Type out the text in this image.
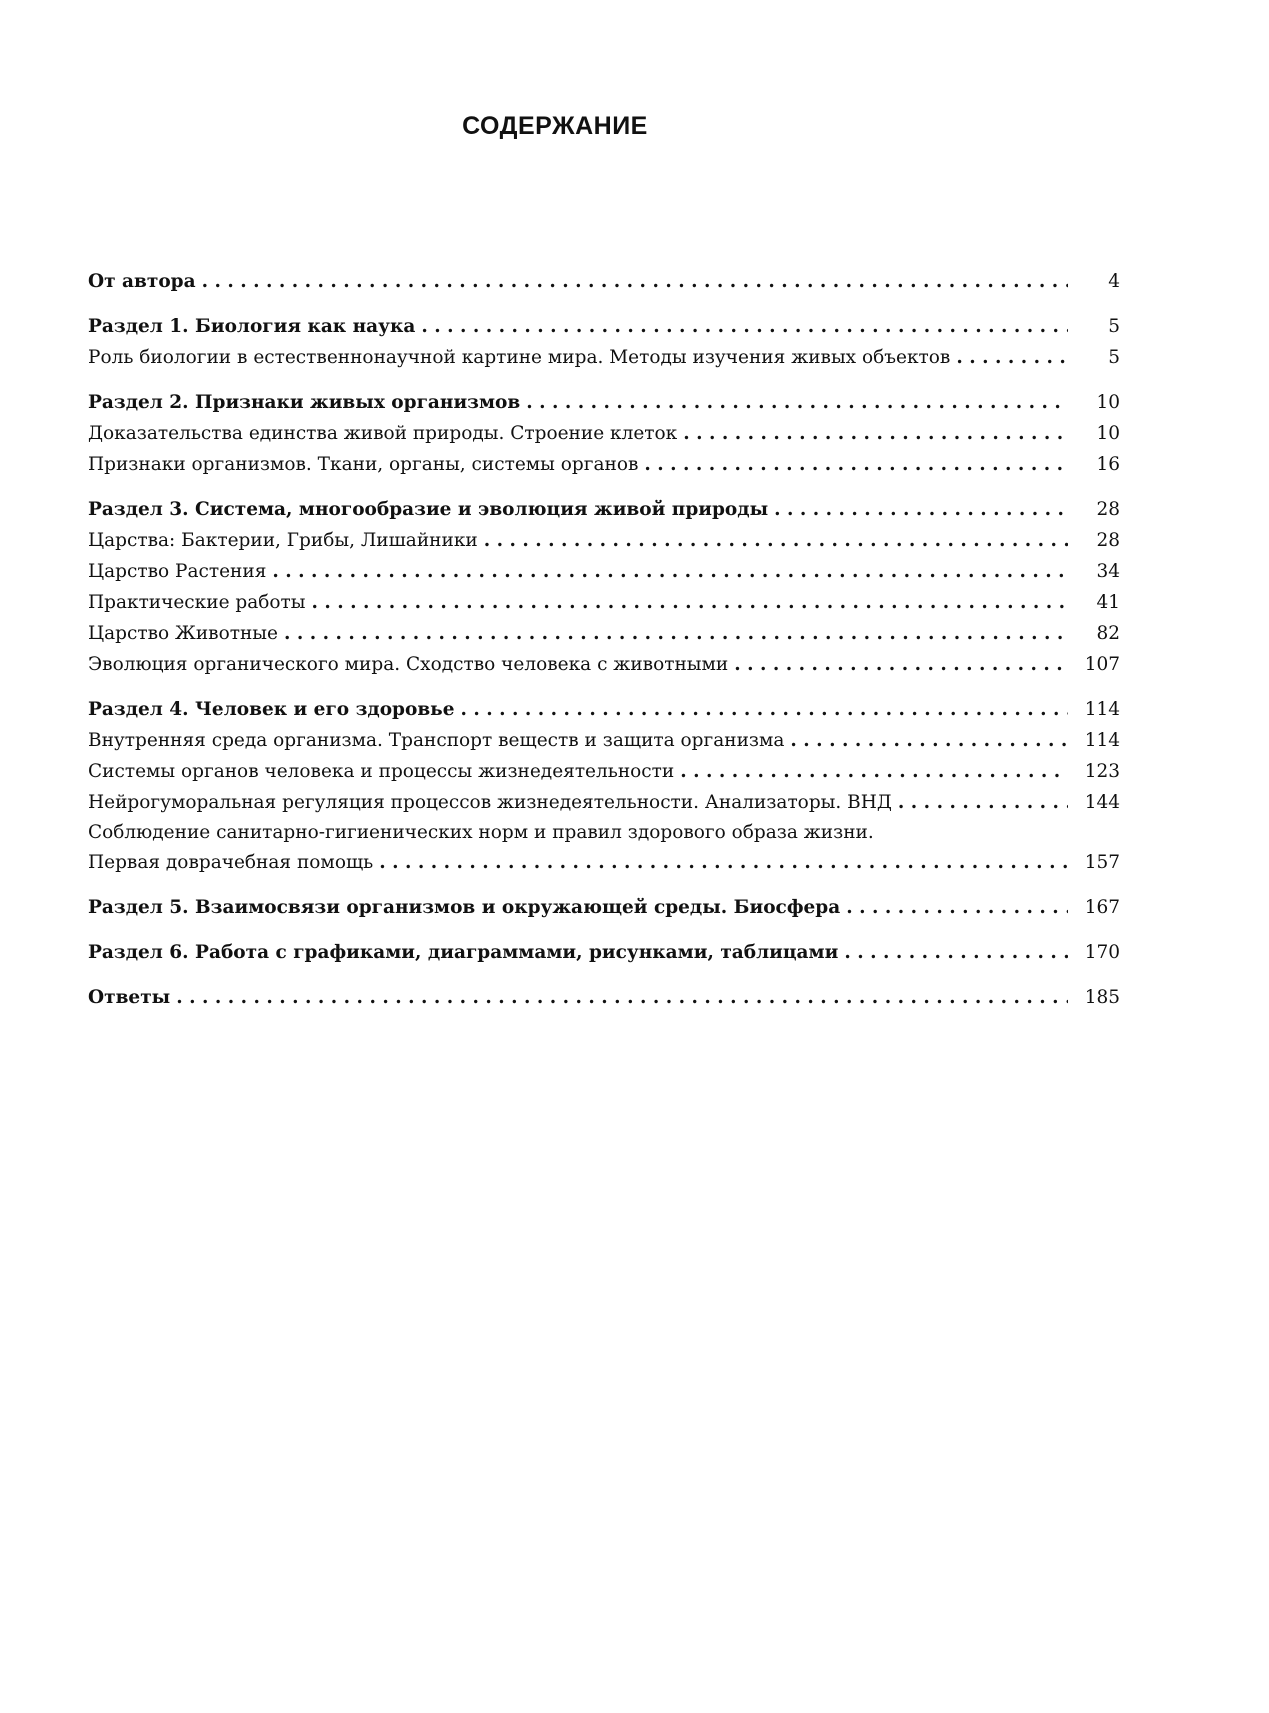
СОДЕРЖАНИЕ
От автора . . .	4
Раздел 1. Биология как наука . . .	5
Роль биологии в естественнонаучной картине мира. Методы изучения живых объектов . . .	5
Раздел 2. Признаки живых организмов . . .	10
Доказательства единства живой природы. Строение клеток . . .	10
Признаки организмов. Ткани, органы, системы органов . . .	16
Раздел 3. Система, многообразие и эволюция живой природы . . .	28
Царства: Бактерии, Грибы, Лишайники . . .	28
Царство Растения . . .	34
Практические работы . . .	41
Царство Животные . . .	82
Эволюция органического мира. Сходство человека с животными . . .	107
Раздел 4. Человек и его здоровье . . .	114
Внутренняя среда организма. Транспорт веществ и защита организма . . .	114
Системы органов человека и процессы жизнедеятельности . . .	123
Нейрогуморальная регуляция процессов жизнедеятельности. Анализаторы. ВНД . . .	144
Соблюдение санитарно-гигиенических норм и правил здорового образа жизни.
Первая доврачебная помощь . . .	157
Раздел 5. Взаимосвязи организмов и окружающей среды. Биосфера . . .	167
Раздел 6. Работа с графиками, диаграммами, рисунками, таблицами . . .	170
Ответы . . .	185
